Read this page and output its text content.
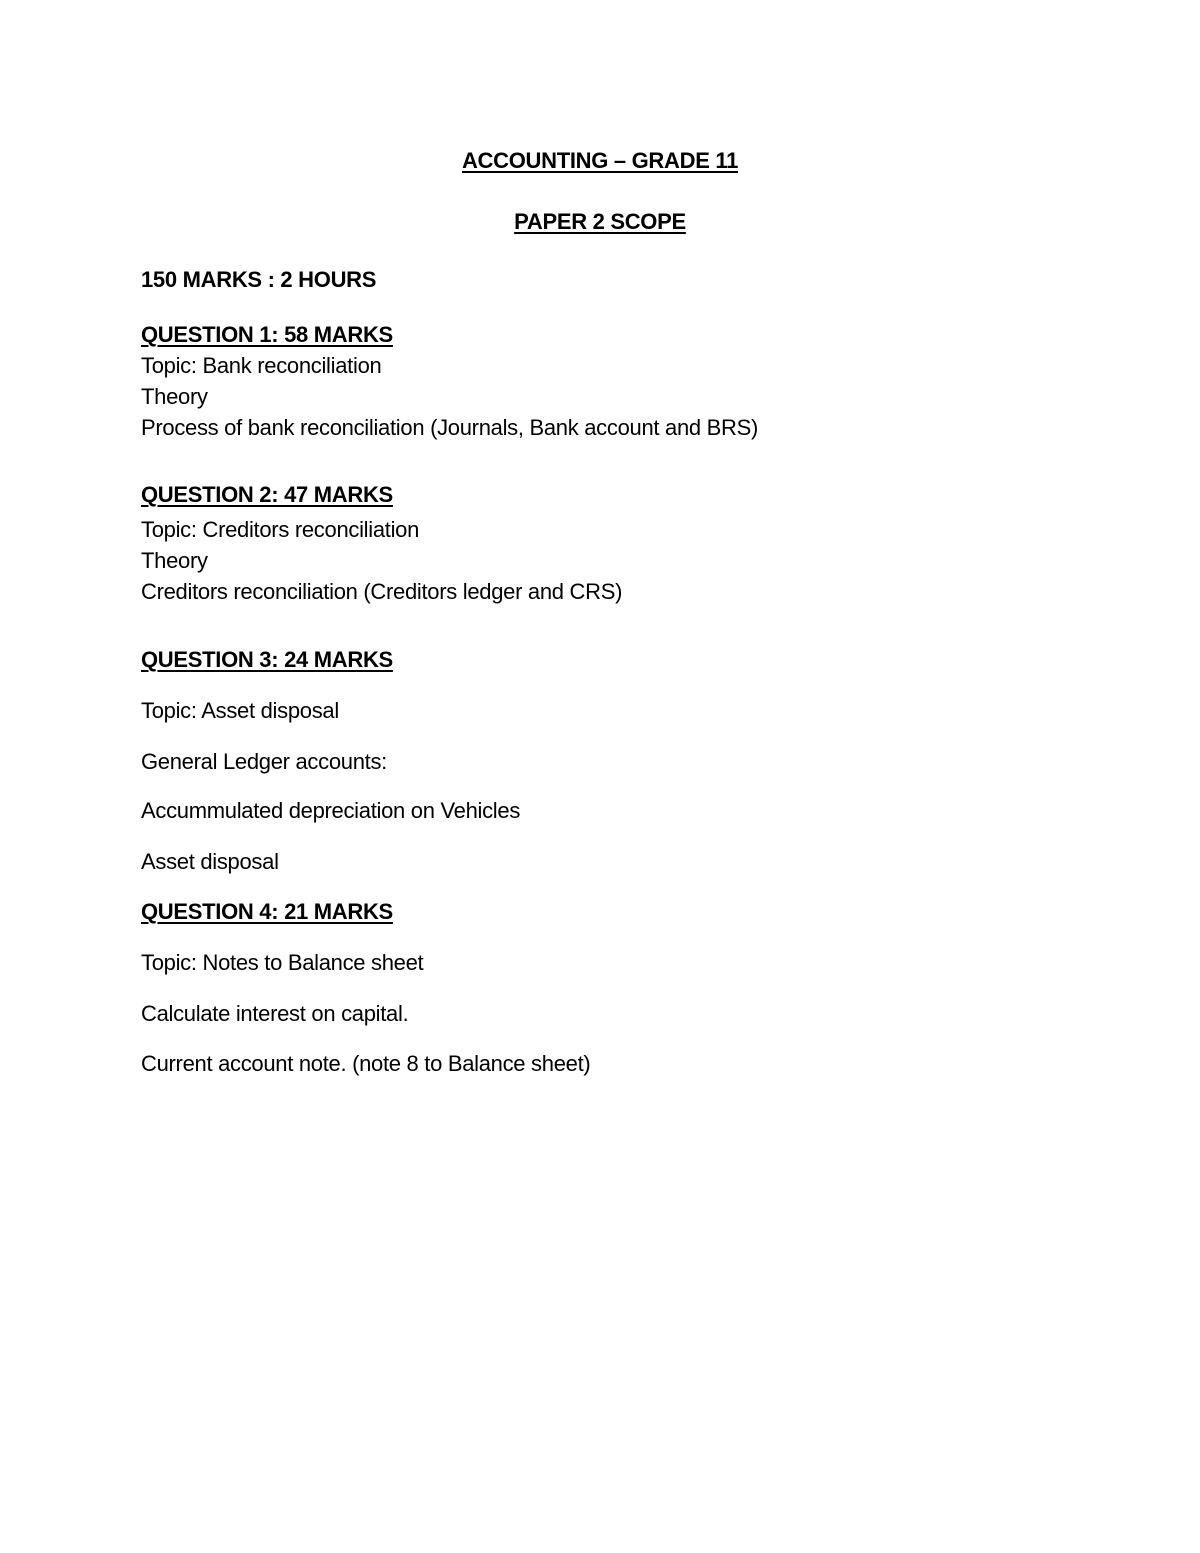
ACCOUNTING – GRADE 11
PAPER 2 SCOPE
150 MARKS : 2 HOURS
QUESTION 1: 58 MARKS
Topic: Bank reconciliation
Theory
Process of bank reconciliation (Journals, Bank account and BRS)
QUESTION 2: 47 MARKS
Topic: Creditors reconciliation
Theory
Creditors reconciliation (Creditors ledger and CRS)
QUESTION 3: 24 MARKS
Topic: Asset disposal
General Ledger accounts:
Accummulated depreciation on Vehicles
Asset disposal
QUESTION 4: 21 MARKS
Topic: Notes to Balance sheet
Calculate interest on capital.
Current account note. (note 8 to Balance sheet)
